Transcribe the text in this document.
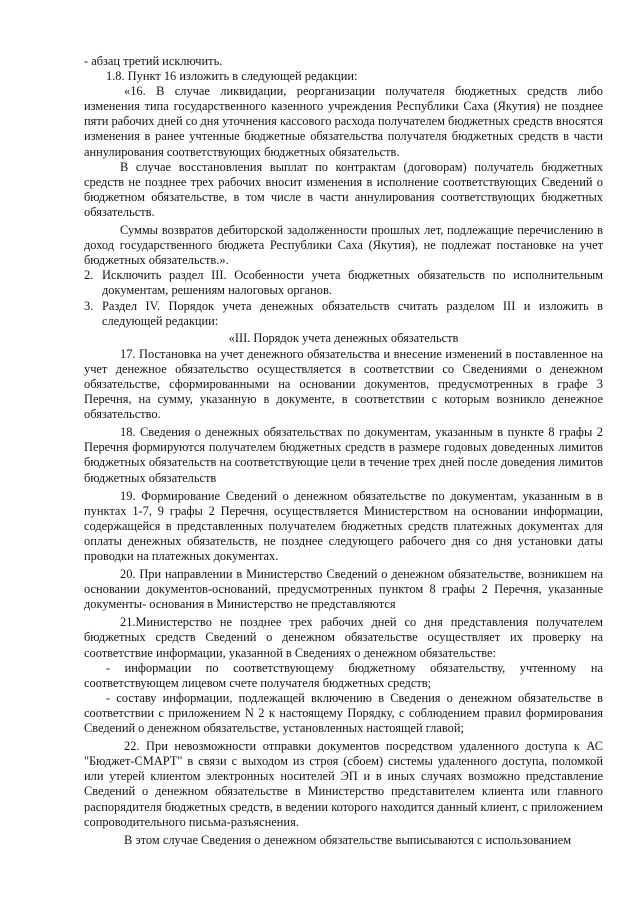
- абзац третий исключить.

1.8. Пункт 16 изложить в следующей редакции:

«16. В случае ликвидации, реорганизации получателя бюджетных средств либо изменения типа государственного казенного учреждения Республики Саха (Якутия) не позднее пяти рабочих дней со дня уточнения кассового расхода получателем бюджетных средств вносятся изменения в ранее учтенные бюджетные обязательства получателя бюджетных средств в части аннулирования соответствующих бюджетных обязательств.

В случае восстановления выплат по контрактам (договорам) получатель бюджетных средств не позднее трех рабочих вносит изменения в исполнение соответствующих Сведений о бюджетном обязательстве, в том числе в части аннулирования соответствующих бюджетных обязательств.

Суммы возвратов дебиторской задолженности прошлых лет, подлежащие перечислению в доход государственного бюджета Республики Саха (Якутия), не подлежат постановке на учет бюджетных обязательств.».

2. Исключить раздел III. Особенности учета бюджетных обязательств по исполнительным документам, решениям налоговых органов.
3. Раздел IV. Порядок учета денежных обязательств считать разделом III и изложить в следующей редакции:

«III. Порядок учета денежных обязательств

17. Постановка на учет денежного обязательства и внесение изменений в поставленное на учет денежное обязательство осуществляется в соответствии со Сведениями о денежном обязательстве, сформированными на основании документов, предусмотренных в графе 3 Перечня, на сумму, указанную в документе, в соответствии с которым возникло денежное обязательство.

18. Сведения о денежных обязательствах по документам, указанным в пункте 8 графы 2 Перечня формируются получателем бюджетных средств в размере годовых доведенных лимитов бюджетных обязательств на соответствующие цели в течение трех дней после доведения лимитов бюджетных обязательств

19. Формирование Сведений о денежном обязательстве по документам, указанным в в пунктах 1-7, 9 графы 2 Перечня, осуществляется Министерством на основании информации, содержащейся в представленных получателем бюджетных средств платежных документах для оплаты денежных обязательств, не позднее следующего рабочего дня со дня установки даты проводки на платежных документах.

20. При направлении в Министерство Сведений о денежном обязательстве, возникшем на основании документов-оснований, предусмотренных пунктом 8 графы 2 Перечня, указанные документы- основания в Министерство не представляются

21.Министерство не позднее трех рабочих дней со дня представления получателем бюджетных средств Сведений о денежном обязательстве осуществляет их проверку на соответствие информации, указанной в Сведениях о денежном обязательстве:

- информации по соответствующему бюджетному обязательству, учтенному на соответствующем лицевом счете получателя бюджетных средств;

- составу информации, подлежащей включению в Сведения о денежном обязательстве в соответствии с приложением N 2 к настоящему Порядку, с соблюдением правил формирования Сведений о денежном обязательстве, установленных настоящей главой;

22. При невозможности отправки документов посредством удаленного доступа к АС "Бюджет-СМАРТ" в связи с выходом из строя (сбоем) системы удаленного доступа, поломкой или утерей клиентом электронных носителей ЭП и в иных случаях возможно представление Сведений о денежном обязательстве в Министерство представителем клиента или главного распорядителя бюджетных средств, в ведении которого находится данный клиент, с приложением сопроводительного письма-разъяснения.

В этом случае Сведения о денежном обязательстве выписываются с использованием
